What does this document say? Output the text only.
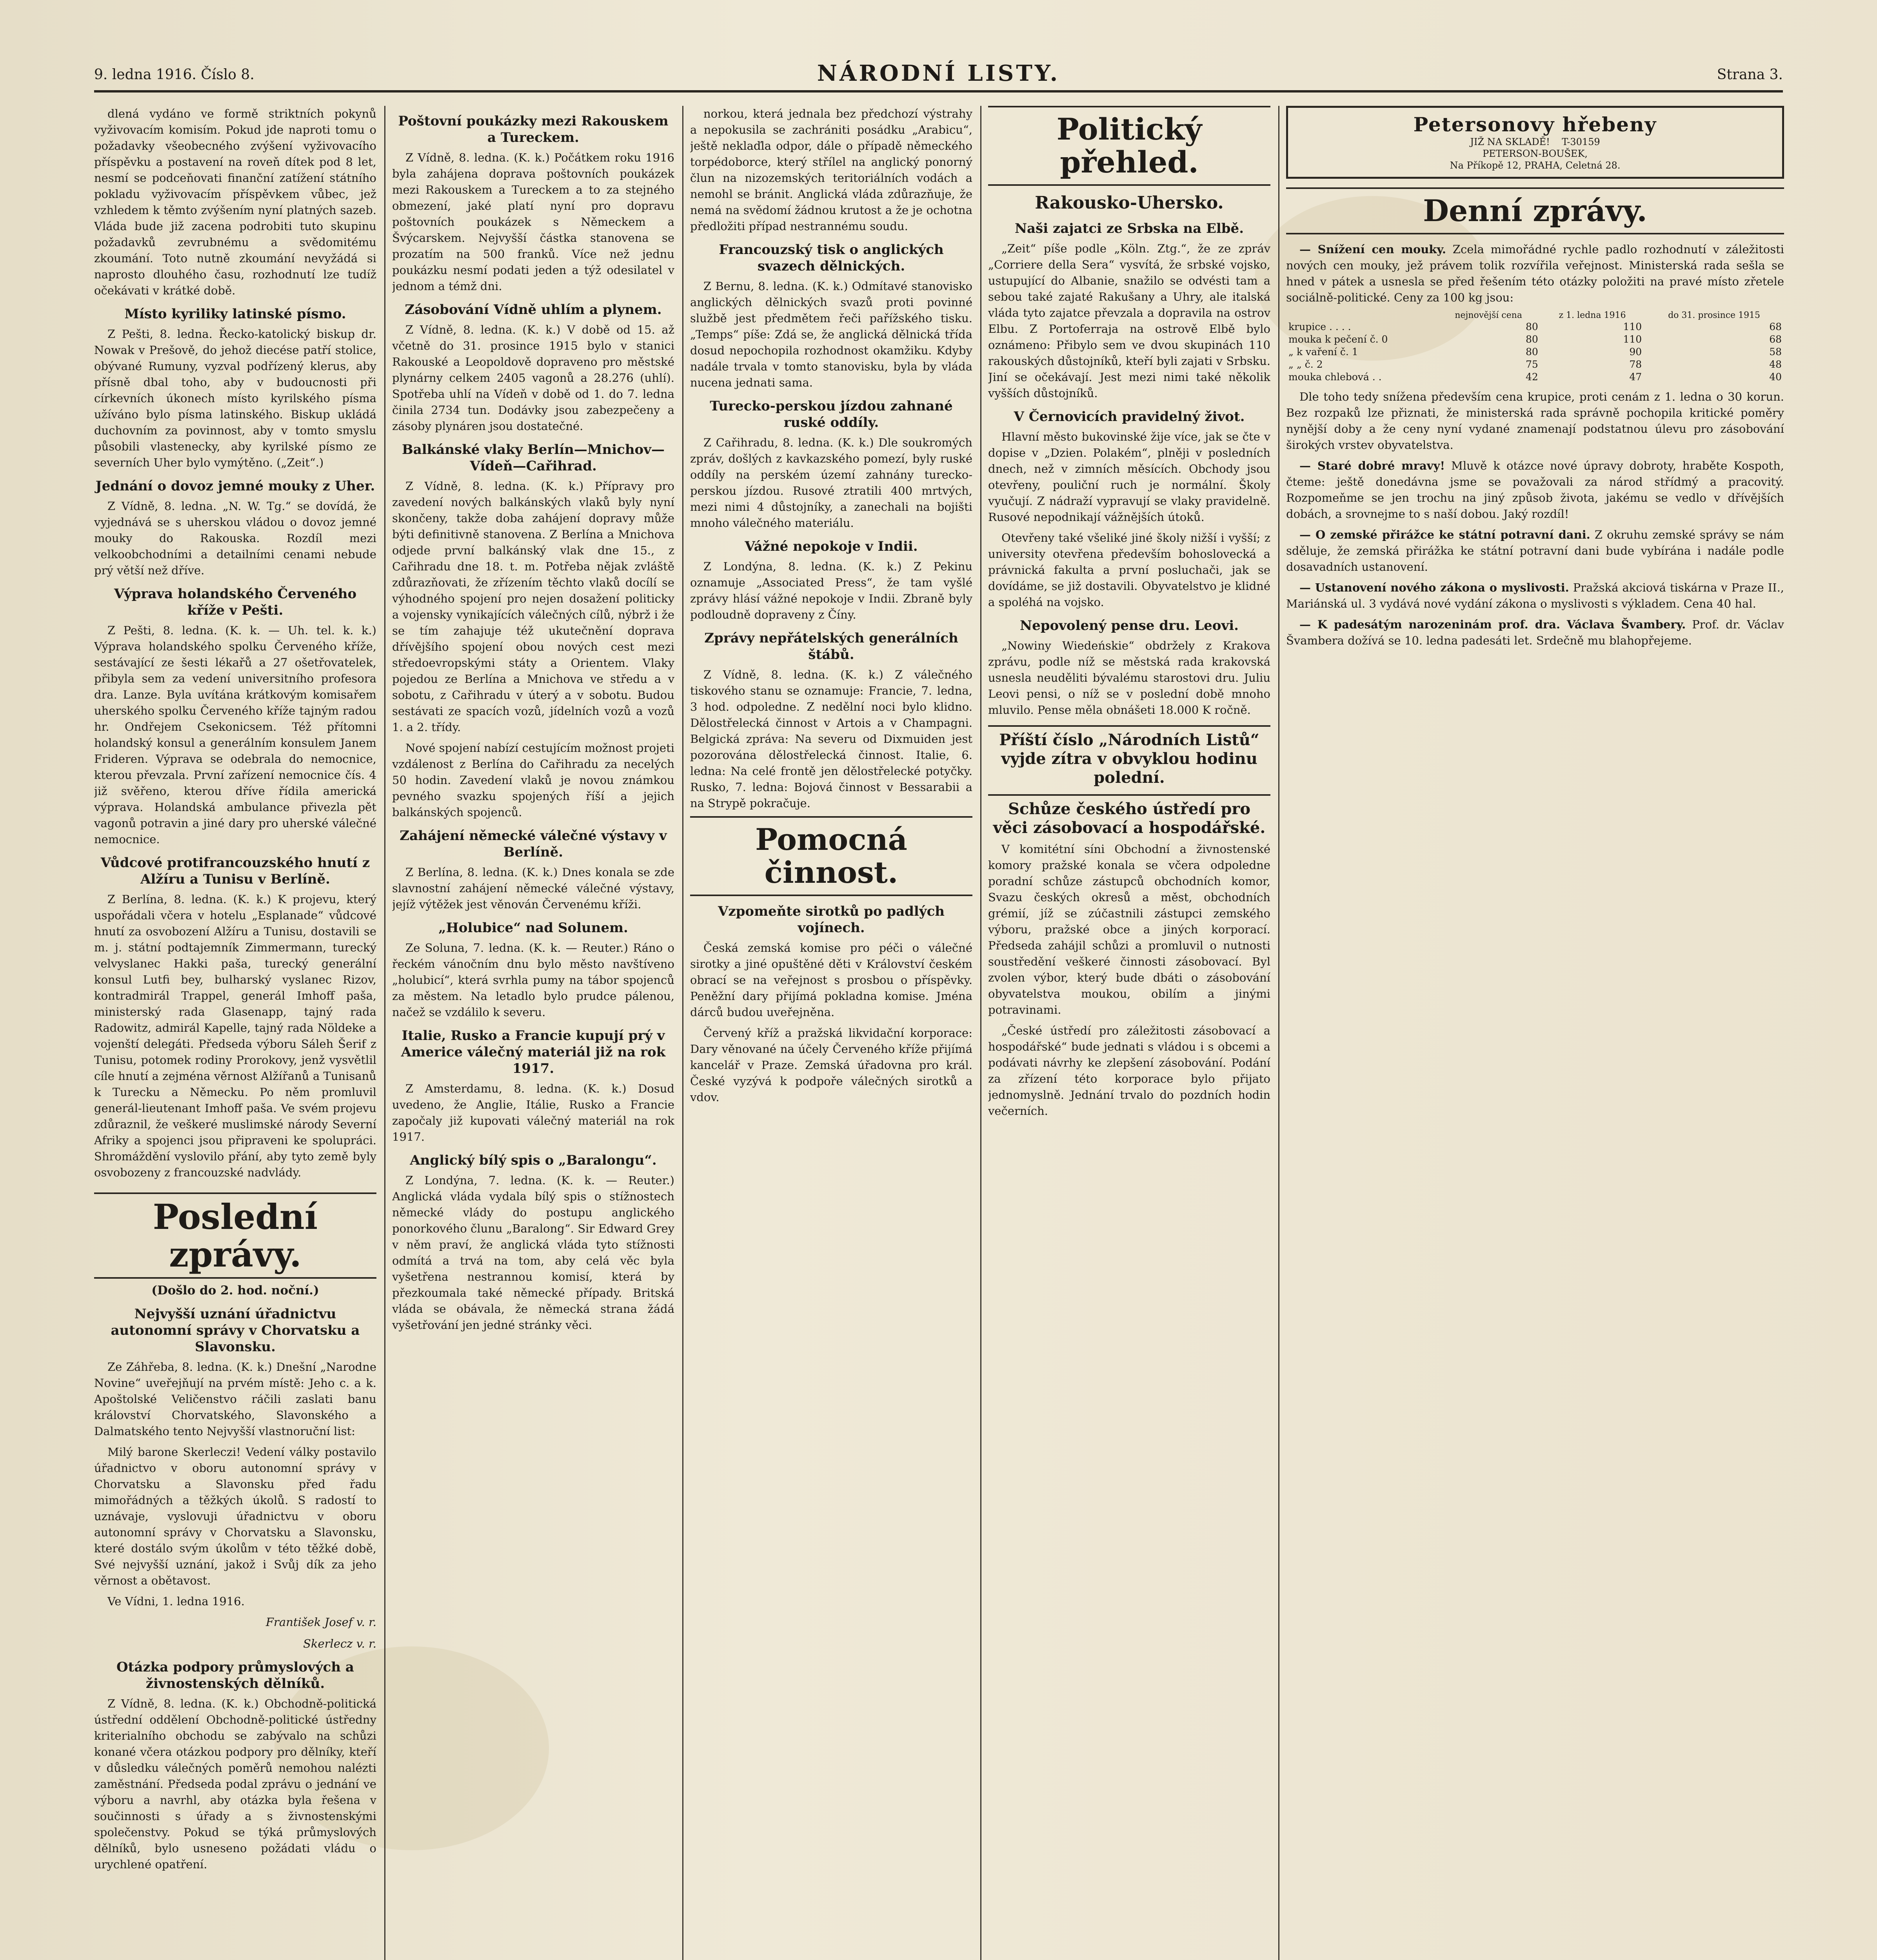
9. ledna 1916. Číslo 8.	NÁRODNÍ LISTY.	Strana 3.

dlená vydáno ve formě striktních pokynů vyživovacím komisím. Pokud jde naproti tomu o požadavky všeobecného zvýšení vyživovacího příspěvku a postavení na roveň dítek pod 8 let, nesmí se podceňovati finanční zatížení státního pokladu vyživovacím příspěvkem vůbec, jež vzhledem k těmto zvýšením nyní platných sazeb. Vláda bude již zacena podrobiti tuto skupinu požadavků zevrubnému a svědomitému zkoumání. Toto nutně zkoumání nevyžádá si naprosto dlouhého času, rozhodnutí lze tudíž očekávati v krátké době.

Místo kyriliky latinské písmo.

Z Pešti, 8. ledna. Řecko-katolický biskup dr. Nowak v Prešově, do jehož diecése patří stolice, obývané Rumuny, vyzval podřízený klerus, aby přísně dbal toho, aby v budoucnosti při církevních úkonech místo kyrilského písma užíváno bylo písma latinského. Biskup ukládá duchovním za povinnost, aby v tomto smyslu působili vlastenecky, aby kyrilské písmo ze severních Uher bylo vymýtěno. („Zeit“.)

Jednání o dovoz jemné mouky z Uher.

Z Vídně, 8. ledna. „N. W. Tg.“ se dovídá, že vyjednává se s uherskou vládou o dovoz jemné mouky do Rakouska. Rozdíl mezi velkoobchodními a detailními cenami nebude prý větší než dříve.

Výprava holandského Červeného kříže v Pešti.

Z Pešti, 8. ledna. (K. k. — Uh. tel. k. k.) Výprava holandského spolku Červeného kříže, sestávající ze šesti lékařů a 27 ošetřovatelek, přibyla sem za vedení universitního profesora dra. Lanze. Byla uvítána krátkovým komisařem uherského spolku Červeného kříže tajným radou hr. Ondřejem Csekonicsem. Též přítomni holandský konsul a generálním konsulem Janem Frideren. Výprava se odebrala do nemocnice, kterou převzala. První zařízení nemocnice čís. 4 již svěřeno, kterou dříve řídila americká výprava. Holandská ambulance přivezla pět vagonů potravin a jiné dary pro uherské válečné nemocnice.

Vůdcové protifrancouzského hnutí z Alžíru a Tunisu v Berlíně.

Z Berlína, 8. ledna. (K. k.) K projevu, který uspořádali včera v hotelu „Esplanade“ vůdcové hnutí za osvobození Alžíru a Tunisu, dostavili se m. j. státní podtajemník Zimmermann, turecký velvyslanec Hakki paša, turecký generální konsul Lutfi bey, bulharský vyslanec Rizov, kontradmirál Trappel, generál Imhoff paša, ministerský rada Glasenapp, tajný rada Radowitz, admirál Kapelle, tajný rada Nöldeke a vojenští delegáti. Předseda výboru Sáleh Šerif z Tunisu, potomek rodiny Prorokovy, jenž vysvětlil cíle hnutí a zejména věrnost Alžířanů a Tunisanů k Turecku a Německu. Po něm promluvil generál-lieutenant Imhoff paša. Ve svém projevu zdůraznil, že veškeré muslimské národy Severní Afriky a spojenci jsou připraveni ke spolupráci. Shromáždění vyslovilo přání, aby tyto země byly osvobozeny z francouzské nadvlády.

Poslední zprávy.
(Došlo do 2. hod. noční.)
Nejvyšší uznání úřadnictvu autonomní správy v Chorvatsku a Slavonsku.

Ze Záhřeba, 8. ledna. (K. k.) Dnešní „Narodne Novine“ uveřejňují na prvém místě: Jeho c. a k. Apoštolské Veličenstvo ráčili zaslati banu království Chorvatského, Slavonského a Dalmatského tento Nejvyšší vlastnoruční list:

Milý barone Skerleczi! Vedení války postavilo úřadnictvo v oboru autonomní správy v Chorvatsku a Slavonsku před řadu mimořádných a těžkých úkolů. S radostí to uznávaje, vyslovuji úřadnictvu v oboru autonomní správy v Chorvatsku a Slavonsku, které dostálo svým úkolům v této těžké době, Své nejvyšší uznání, jakož i Svůj dík za jeho věrnost a obětavost.

Ve Vídni, 1. ledna 1916.

František Josef v. r.
Skerlecz v. r.
Otázka podpory průmyslových a živnostenských dělníků.

Z Vídně, 8. ledna. (K. k.) Obchodně-politická ústřední oddělení Obchodně-politické ústředny kriterialního obchodu se zabývalo na schůzi konané včera otázkou podpory pro dělníky, kteří v důsledku válečných poměrů nemohou nalézti zaměstnání. Předseda podal zprávu o jednání ve výboru a navrhl, aby otázka byla řešena v součinnosti s úřady a s živnostenskými společenstvy. Pokud se týká průmyslových dělníků, bylo usneseno požádati vládu o urychlené opatření.

Poštovní poukázky mezi Rakouskem a Tureckem.

Z Vídně, 8. ledna. (K. k.) Počátkem roku 1916 byla zahájena doprava poštovních poukázek mezi Rakouskem a Tureckem a to za stejného obmezení, jaké platí nyní pro dopravu poštovních poukázek s Německem a Švýcarskem. Nejvyšší částka stanovena se prozatím na 500 franků. Více než jednu poukázku nesmí podati jeden a týž odesilatel v jednom a témž dni.

Zásobování Vídně uhlím a plynem.

Z Vídně, 8. ledna. (K. k.) V době od 15. až včetně do 31. prosince 1915 bylo v stanici Rakouské a Leopoldově dopraveno pro městské plynárny celkem 2405 vagonů a 28.276 (uhlí). Spotřeba uhlí na Vídeň v době od 1. do 7. ledna činila 2734 tun. Dodávky jsou zabezpečeny a zásoby plynáren jsou dostatečné.

Balkánské vlaky Berlín—Mnichov—Vídeň—Cařihrad.

Z Vídně, 8. ledna. (K. k.) Přípravy pro zavedení nových balkánských vlaků byly nyní skončeny, takže doba zahájení dopravy může býti definitivně stanovena. Z Berlína a Mnichova odjede první balkánský vlak dne 15., z Cařihradu dne 18. t. m. Potřeba nějak zvláště zdůrazňovati, že zřízením těchto vlaků docílí se výhodného spojení pro nejen dosažení politicky a vojensky vynikajících válečných cílů, nýbrž i že se tím zahajuje též ukutečnění doprava dřívějšího spojení obou nových cest mezi středoevropskými státy a Orientem. Vlaky pojedou ze Berlína a Mnichova ve středu a v sobotu, z Cařihradu v úterý a v sobotu. Budou sestávati ze spacích vozů, jídelních vozů a vozů 1. a 2. třídy.

Nové spojení nabízí cestujícím možnost projeti vzdálenost z Berlína do Cařihradu za necelých 50 hodin. Zavedení vlaků je novou známkou pevného svazku spojených říší a jejich balkánských spojenců.

Zahájení německé válečné výstavy v Berlíně.

Z Berlína, 8. ledna. (K. k.) Dnes konala se zde slavnostní zahájení německé válečné výstavy, jejíž výtěžek jest věnován Červenému kříži.

„Holubice“ nad Solunem.

Ze Soluna, 7. ledna. (K. k. — Reuter.) Ráno o řeckém vánočním dnu bylo město navštíveno „holubicí“, která svrhla pumy na tábor spojenců za městem. Na letadlo bylo prudce pálenou, načež se vzdálilo k severu.

Italie, Rusko a Francie kupují prý v Americe válečný materiál již na rok 1917.

Z Amsterdamu, 8. ledna. (K. k.) Dosud uvedeno, že Anglie, Itálie, Rusko a Francie započaly již kupovati válečný materiál na rok 1917.

Anglický bílý spis o „Baralongu“.

Z Londýna, 7. ledna. (K. k. — Reuter.) Anglická vláda vydala bílý spis o stížnostech německé vlády do postupu anglického ponorkového člunu „Baralong“. Sir Edward Grey v něm praví, že anglická vláda tyto stížnosti odmítá a trvá na tom, aby celá věc byla vyšetřena nestrannou komisí, která by přezkoumala také německé případy. Britská vláda se obávala, že německá strana žádá vyšetřování jen jedné stránky věci.

norkou, která jednala bez předchozí výstrahy a nepokusila se zachrániti posádku „Arabicu“, ještě neklaďla odpor, dále o případě německého torpédoborce, který střílel na anglický ponorný člun na nizozemských teritoriálních vodách a nemohl se bránit. Anglická vláda zdůrazňuje, že nemá na svědomí žádnou krutost a že je ochotna předložiti případ nestrannému soudu.

Francouzský tisk o anglických svazech dělnických.

Z Bernu, 8. ledna. (K. k.) Odmítavé stanovisko anglických dělnických svazů proti povinné službě jest předmětem řeči pařížského tisku. „Temps“ píše: Zdá se, že anglická dělnická třída dosud nepochopila rozhodnost okamžiku. Kdyby nadále trvala v tomto stanovisku, byla by vláda nucena jednati sama.

Turecko-perskou jízdou zahnané ruské oddíly.

Z Cařihradu, 8. ledna. (K. k.) Dle soukromých zpráv, došlých z kavkazského pomezí, byly ruské oddíly na perském území zahnány turecko-perskou jízdou. Rusové ztratili 400 mrtvých, mezi nimi 4 důstojníky, a zanechali na bojišti mnoho válečného materiálu.

Vážné nepokoje v Indii.

Z Londýna, 8. ledna. (K. k.) Z Pekinu oznamuje „Associated Press“, že tam vyšlé zprávy hlásí vážné nepokoje v Indii. Zbraně byly podloudně dopraveny z Číny.

Zprávy nepřátelských generálních štábů.

Z Vídně, 8. ledna. (K. k.) Z válečného tiskového stanu se oznamuje: Francie, 7. ledna, 3 hod. odpoledne. Z nedělní noci bylo klidno. Dělostřelecká činnost v Artois a v Champagni. Belgická zpráva: Na severu od Dixmuiden jest pozorována dělostřelecká činnost. Italie, 6. ledna: Na celé frontě jen dělostřelecké potyčky. Rusko, 7. ledna: Bojová činnost v Bessarabii a na Strypě pokračuje.

Pomocná činnost.
Vzpomeňte sirotků po padlých vojínech.

Česká zemská komise pro péči o válečné sirotky a jiné opuštěné děti v Království českém obrací se na veřejnost s prosbou o příspěvky. Peněžní dary přijímá pokladna komise. Jména dárců budou uveřejněna.

Červený kříž a pražská likvidační korporace: Dary věnované na účely Červeného kříže přijímá kancelář v Praze. Zemská úřadovna pro král. České vyzývá k podpoře válečných sirotků a vdov.

Politický přehled.
Rakousko-Uhersko.
Naši zajatci ze Srbska na Elbě.

„Zeit“ píše podle „Köln. Ztg.“, že ze zpráv „Corriere della Sera“ vysvítá, že srbské vojsko, ustupující do Albanie, snažilo se odvésti tam a sebou také zajaté Rakušany a Uhry, ale italská vláda tyto zajatce převzala a dopravila na ostrov Elbu. Z Portoferraja na ostrově Elbě bylo oznámeno: Přibylo sem ve dvou skupinách 110 rakouských důstojníků, kteří byli zajati v Srbsku. Jiní se očekávají. Jest mezi nimi také několik vyšších důstojníků.

V Černovicích pravidelný život.

Hlavní město bukovinské žije více, jak se čte v dopise v „Dzien. Polakém“, plněji v posledních dnech, než v zimních měsících. Obchody jsou otevřeny, pouliční ruch je normální. Školy vyučují. Z nádraží vypravují se vlaky pravidelně. Rusové nepodnikají vážnějších útoků.

Otevřeny také všeliké jiné školy nižší i vyšší; z university otevřena především bohoslovecká a právnická fakulta a první posluchači, jak se dovídáme, se již dostavili. Obyvatelstvo je klidné a spoléhá na vojsko.

Nepovolený pense dru. Leovi.

„Nowiny Wiedeńskie“ obdržely z Krakova zprávu, podle níž se městská rada krakovská usnesla neuděliti bývalému starostovi dru. Juliu Leovi pensi, o níž se v poslední době mnoho mluvilo. Pense měla obnášeti 18.000 K ročně.

Příští číslo „Národních Listů“ vyjde zítra v obvyklou hodinu polední.
Schůze českého ústředí pro věci zásobovací a hospodářské.

V komitétní síni Obchodní a živnostenské komory pražské konala se včera odpoledne poradní schůze zástupců obchodních komor, Svazu českých okresů a měst, obchodních grémií, jíž se zúčastnili zástupci zemského výboru, pražské obce a jiných korporací. Předseda zahájil schůzi a promluvil o nutnosti soustředění veškeré činnosti zásobovací. Byl zvolen výbor, který bude dbáti o zásobování obyvatelstva moukou, obilím a jinými potravinami.

„České ústředí pro záležitosti zásobovací a hospodářské“ bude jednati s vládou i s obcemi a podávati návrhy ke zlepšení zásobování. Podání za zřízení této korporace bylo přijato jednomyslně. Jednání trvalo do pozdních hodin večerních.

Petersonovy hřebeny
JIŽ NA SKLADĚ! T-30159
PETERSON-BOUŠEK,
Na Příkopě 12, PRAHA, Celetná 28.
Denní zprávy.

— Snížení cen mouky. Zcela mimořádné rychle padlo rozhodnutí v záležitosti nových cen mouky, jež právem tolik rozvířila veřejnost. Ministerská rada sešla se hned v pátek a usnesla se před řešením této otázky položiti na pravé místo zřetele sociálně-politické. Ceny za 100 kg jsou:

	nejnovější cena	z 1. ledna 1916	do 31. prosince 1915
krupice . . . .	80	110	68
mouka k pečení č. 0	80	110	68
„ k vaření č. 1	80	90	58
„ „ č. 2	75	78	48
mouka chlebová . .	42	47	40

Dle toho tedy snížena především cena krupice, proti cenám z 1. ledna o 30 korun. Bez rozpaků lze přiznati, že ministerská rada správně pochopila kritické poměry nynější doby a že ceny nyní vydané znamenají podstatnou úlevu pro zásobování širokých vrstev obyvatelstva.

— Staré dobré mravy! Mluvě k otázce nové úpravy dobroty, hraběte Kospoth, čteme: ještě donedávna jsme se považovali za národ střídmý a pracovitý. Rozpomeňme se jen trochu na jiný způsob života, jakému se vedlo v dřívějších dobách, a srovnejme to s naší dobou. Jaký rozdíl!

— O zemské přirážce ke státní potravní dani. Z okruhu zemské správy se nám sděluje, že zemská přirážka ke státní potravní dani bude vybírána i nadále podle dosavadních ustanovení.

— Ustanovení nového zákona o myslivosti. Pražská akciová tiskárna v Praze II., Mariánská ul. 3 vydává nové vydání zákona o myslivosti s výkladem. Cena 40 hal.

— K padesátým narozeninám prof. dra. Václava Švambery. Prof. dr. Václav Švambera dožívá se 10. ledna padesáti let. Srdečně mu blahopřejeme.
